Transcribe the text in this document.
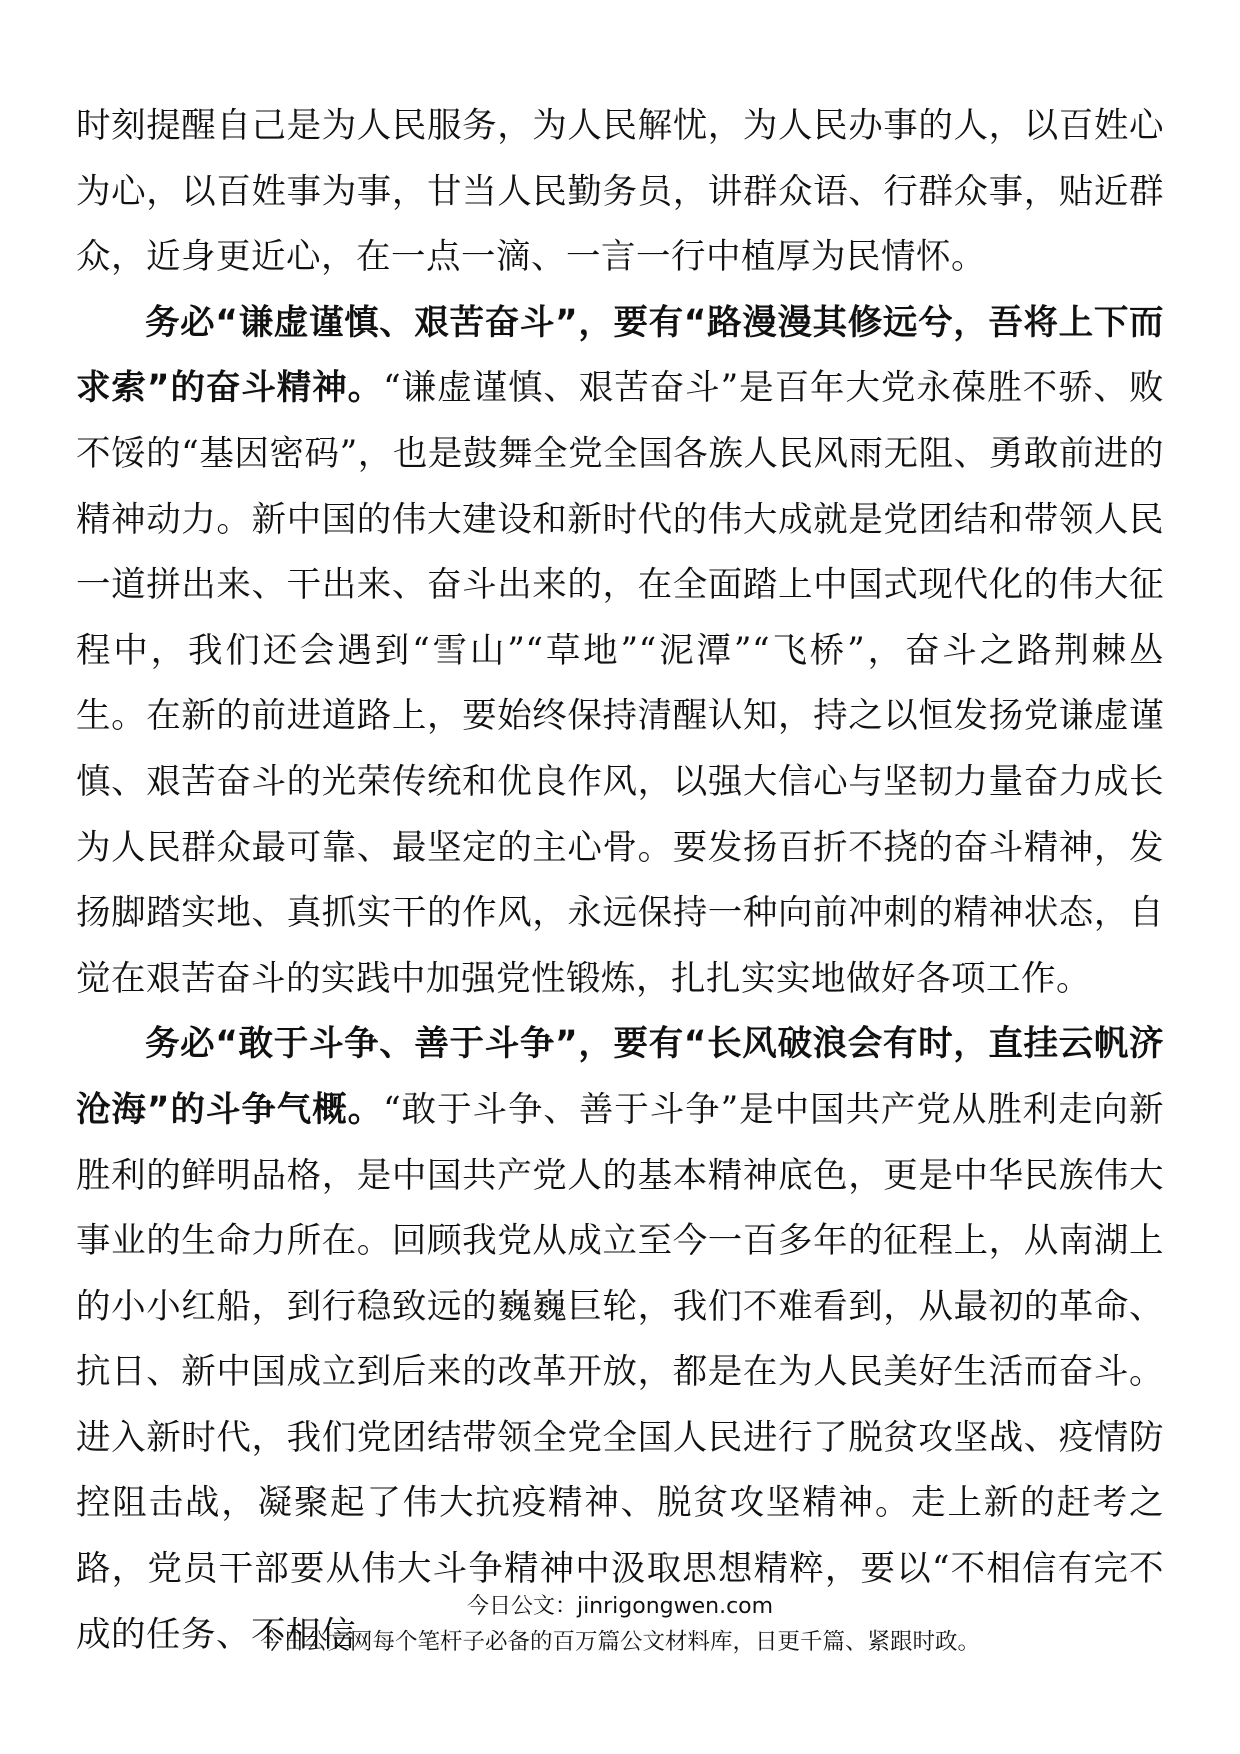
时刻提醒自己是为人民服务，为人民解忧，为人民办事的人，以百姓心为心，以百姓事为事，甘当人民勤务员，讲群众语、行群众事，贴近群众，近身更近心，在一点一滴、一言一行中植厚为民情怀。

务必“谦虚谨慎、艰苦奋斗”，要有“路漫漫其修远兮，吾将上下而求索”的奋斗精神。“谦虚谨慎、艰苦奋斗”是百年大党永葆胜不骄、败不馁的“基因密码”，也是鼓舞全党全国各族人民风雨无阻、勇敢前进的精神动力。新中国的伟大建设和新时代的伟大成就是党团结和带领人民一道拼出来、干出来、奋斗出来的，在全面踏上中国式现代化的伟大征程中，我们还会遇到“雪山”“草地”“泥潭”“飞桥”，奋斗之路荆棘丛生。在新的前进道路上，要始终保持清醒认知，持之以恒发扬党谦虚谨慎、艰苦奋斗的光荣传统和优良作风，以强大信心与坚韧力量奋力成长为人民群众最可靠、最坚定的主心骨。要发扬百折不挠的奋斗精神，发扬脚踏实地、真抓实干的作风，永远保持一种向前冲刺的精神状态，自觉在艰苦奋斗的实践中加强党性锻炼，扎扎实实地做好各项工作。

务必“敢于斗争、善于斗争”，要有“长风破浪会有时，直挂云帆济沧海”的斗争气概。“敢于斗争、善于斗争”是中国共产党从胜利走向新胜利的鲜明品格，是中国共产党人的基本精神底色，更是中华民族伟大事业的生命力所在。回顾我党从成立至今一百多年的征程上，从南湖上的小小红船，到行稳致远的巍巍巨轮，我们不难看到，从最初的革命、抗日、新中国成立到后来的改革开放，都是在为人民美好生活而奋斗。进入新时代，我们党团结带领全党全国人民进行了脱贫攻坚战、疫情防控阻击战，凝聚起了伟大抗疫精神、脱贫攻坚精神。走上新的赶考之路，党员干部要从伟大斗争精神中汲取思想精粹，要以“不相信有完不成的任务、不相信

今日公文：jinrigongwen.com
今日公文网每个笔杆子必备的百万篇公文材料库，日更千篇、紧跟时政。
